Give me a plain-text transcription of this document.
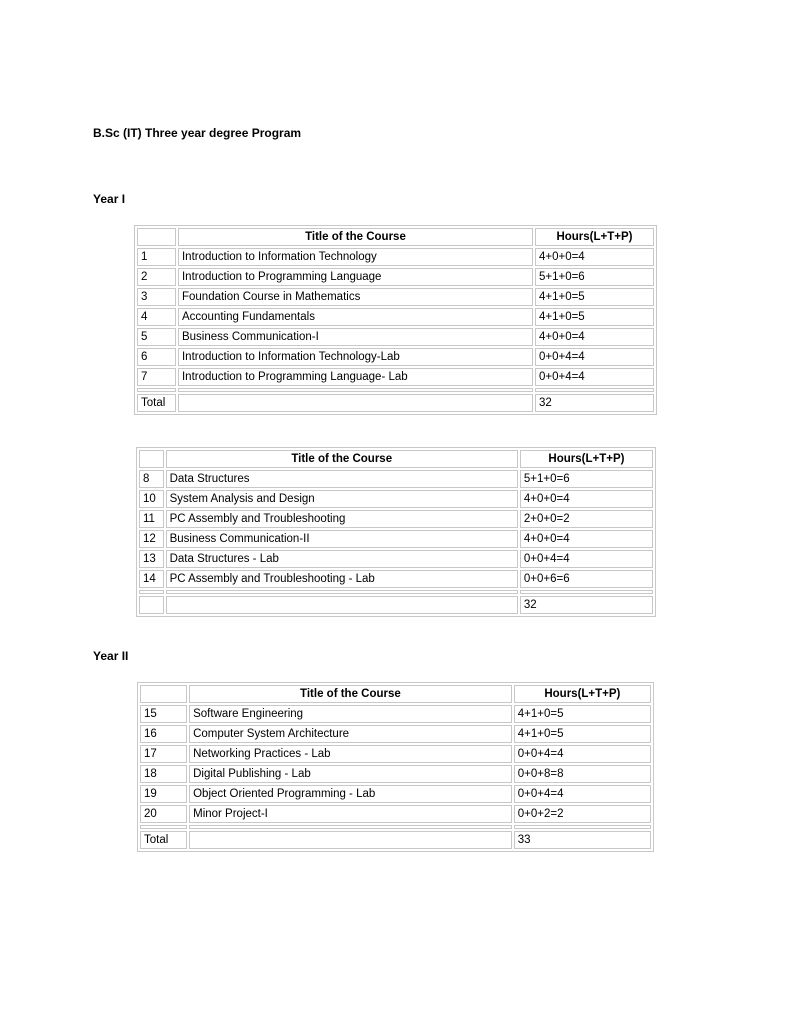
B.Sc (IT) Three year degree Program
Year I
	Title of the Course	Hours(L+T+P)
1	Introduction to Information Technology	4+0+0=4
2	Introduction to Programming Language	5+1+0=6
3	Foundation Course in Mathematics	4+1+0=5
4	Accounting Fundamentals	4+1+0=5
5	Business Communication-I	4+0+0=4
6	Introduction to Information Technology-Lab	0+0+4=4
7	Introduction to Programming Language- Lab	0+0+4=4

Total		32
	Title of the Course	Hours(L+T+P)
8	Data Structures	5+1+0=6
10	System Analysis and Design	4+0+0=4
11	PC Assembly and Troubleshooting	2+0+0=2
12	Business Communication-II	4+0+0=4
13	Data Structures - Lab	0+0+4=4
14	PC Assembly and Troubleshooting - Lab	0+0+6=6

		32
Year II
	Title of the Course	Hours(L+T+P)
15	Software Engineering	4+1+0=5
16	Computer System Architecture	4+1+0=5
17	Networking Practices - Lab	0+0+4=4
18	Digital Publishing - Lab	0+0+8=8
19	Object Oriented Programming - Lab	0+0+4=4
20	Minor Project-I	0+0+2=2

Total		33
